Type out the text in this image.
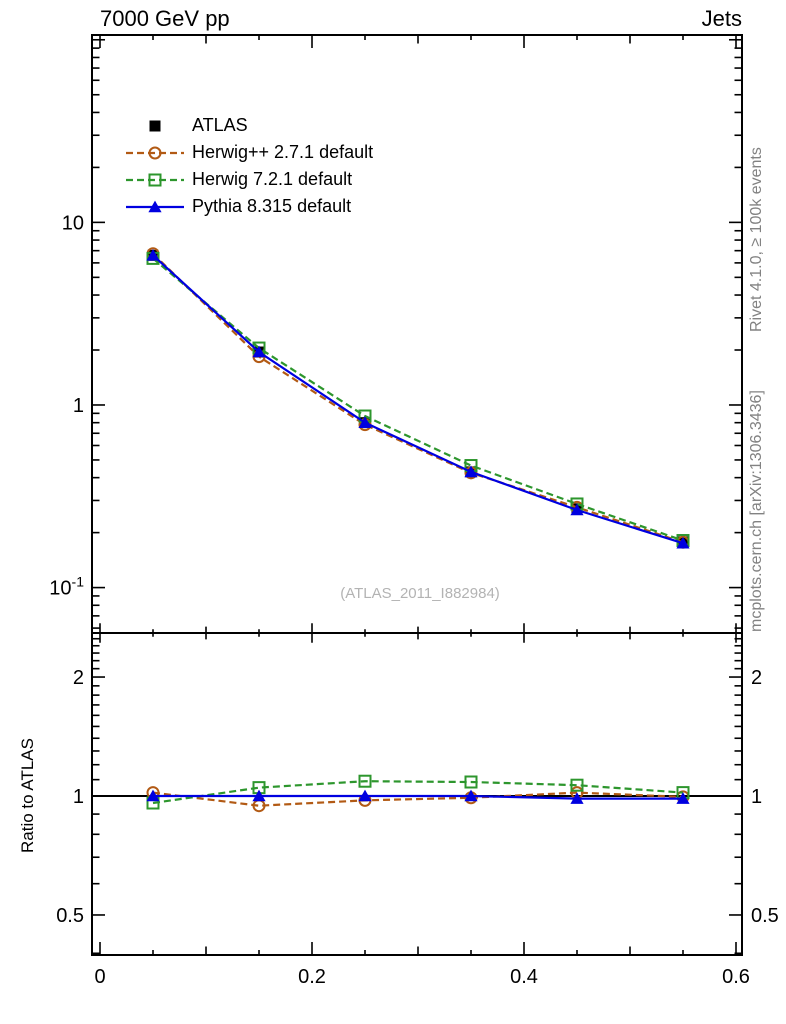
0	0.2	0.4	0.6
10
1
$10^{-1}$
2	2
1	1
0.5	0.5
7000 GeV pp	Jets
ATLAS
Herwig++ 2.7.1 default
Herwig 7.2.1 default
Pythia 8.315 default
(ATLAS_2011_I882984)
Rivet 4.1.0, ≥ 100k events
mcplots.cern.ch [arXiv:1306.3436]
Ratio to ATLAS
